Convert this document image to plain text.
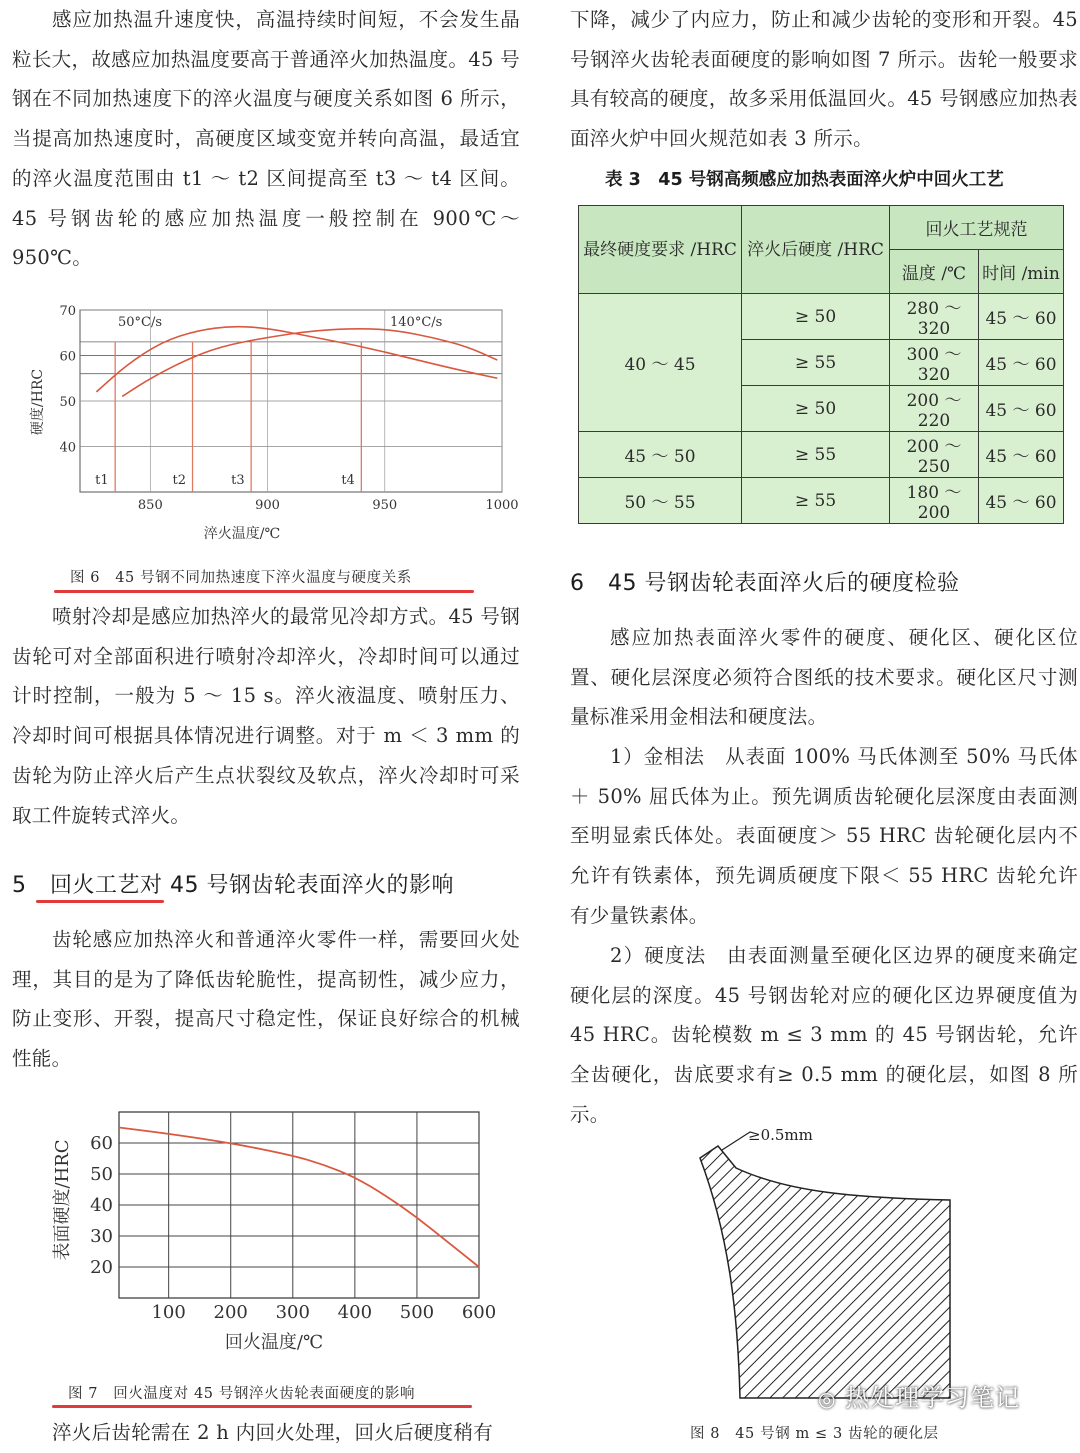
感应加热温升速度快，高温持续时间短，不会发生晶粒长大，故感应加热温度要高于普通淬火加热温度。45 号钢在不同加热速度下的淬火温度与硬度关系如图 6 所示，当提高加热速度时，高硬度区域变宽并转向高温，最适宜的淬火温度范围由 t1 ～ t2 区间提高至 t3 ～ t4 区间。45 号钢齿轮的感应加热温度一般控制在 900℃～ 950℃。

40
50
60
70
850	900	950	1000
t1	t2	t3	t4
50°C/s	140°C/s
淬火温度/℃
硬度/HRC

图 6　45 号钢不同加热速度下淬火温度与硬度关系

喷射冷却是感应加热淬火的最常见冷却方式。45 号钢齿轮可对全部面积进行喷射冷却淬火，冷却时间可以通过计时控制，一般为 5 ～ 15 s。淬火液温度、喷射压力、冷却时间可根据具体情况进行调整。对于 m ＜ 3 mm 的齿轮为防止淬火后产生点状裂纹及软点，淬火冷却时可采取工件旋转式淬火。

5 回火工艺对 45 号钢齿轮表面淬火的影响

齿轮感应加热淬火和普通淬火零件一样，需要回火处理，其目的是为了降低齿轮脆性，提高韧性，减少应力，防止变形、开裂，提高尺寸稳定性，保证良好综合的机械性能。

20
30
40
50
60
100 200 300 400 500 600
回火温度/℃
表面硬度/HRC

图 7　回火温度对 45 号钢淬火齿轮表面硬度的影响

淬火后齿轮需在 2 h 内回火处理，回火后硬度稍有

下降，减少了内应力，防止和减少齿轮的变形和开裂。45 号钢淬火齿轮表面硬度的影响如图 7 所示。齿轮一般要求具有较高的硬度，故多采用低温回火。45 号钢感应加热表面淬火炉中回火规范如表 3 所示。

表 3　45 号钢高频感应加热表面淬火炉中回火工艺
最终硬度要求 /HRC	淬火后硬度 /HRC	回火工艺规范	
		温度 /℃	时间 /min
40 ～ 45	≥ 50	280 ～ 320	45 ～ 60
	≥ 55	300 ～ 320	45 ～ 60
	≥ 50	200 ～ 220	45 ～ 60
45 ～ 50	≥ 55	200 ～ 250	45 ～ 60
50 ～ 55	≥ 55	180 ～ 200	45 ～ 60
6 45 号钢齿轮表面淬火后的硬度检验

感应加热表面淬火零件的硬度、硬化区、硬化区位置、硬化层深度必须符合图纸的技术要求。硬化区尺寸测量标准采用金相法和硬度法。

1）金相法　从表面 100% 马氏体测至 50% 马氏体＋ 50% 屈氏体为止。预先调质齿轮硬化层深度由表面测至明显索氏体处。表面硬度＞ 55 HRC 齿轮硬化层内不允许有铁素体，预先调质硬度下限＜ 55 HRC 齿轮允许有少量铁素体。

2）硬度法　由表面测量至硬化区边界的硬度来确定硬化层的深度。45 号钢齿轮对应的硬化区边界硬度值为 45 HRC。齿轮模数 m ≤ 3 mm 的 45 号钢齿轮，允许全齿硬化，齿底要求有≥ 0.5 mm 的硬化层，如图 8 所示。

≥0.5mm

图 8　45 号钢 m ≤ 3 齿轮的硬化层

◎ 热处理学习笔记
